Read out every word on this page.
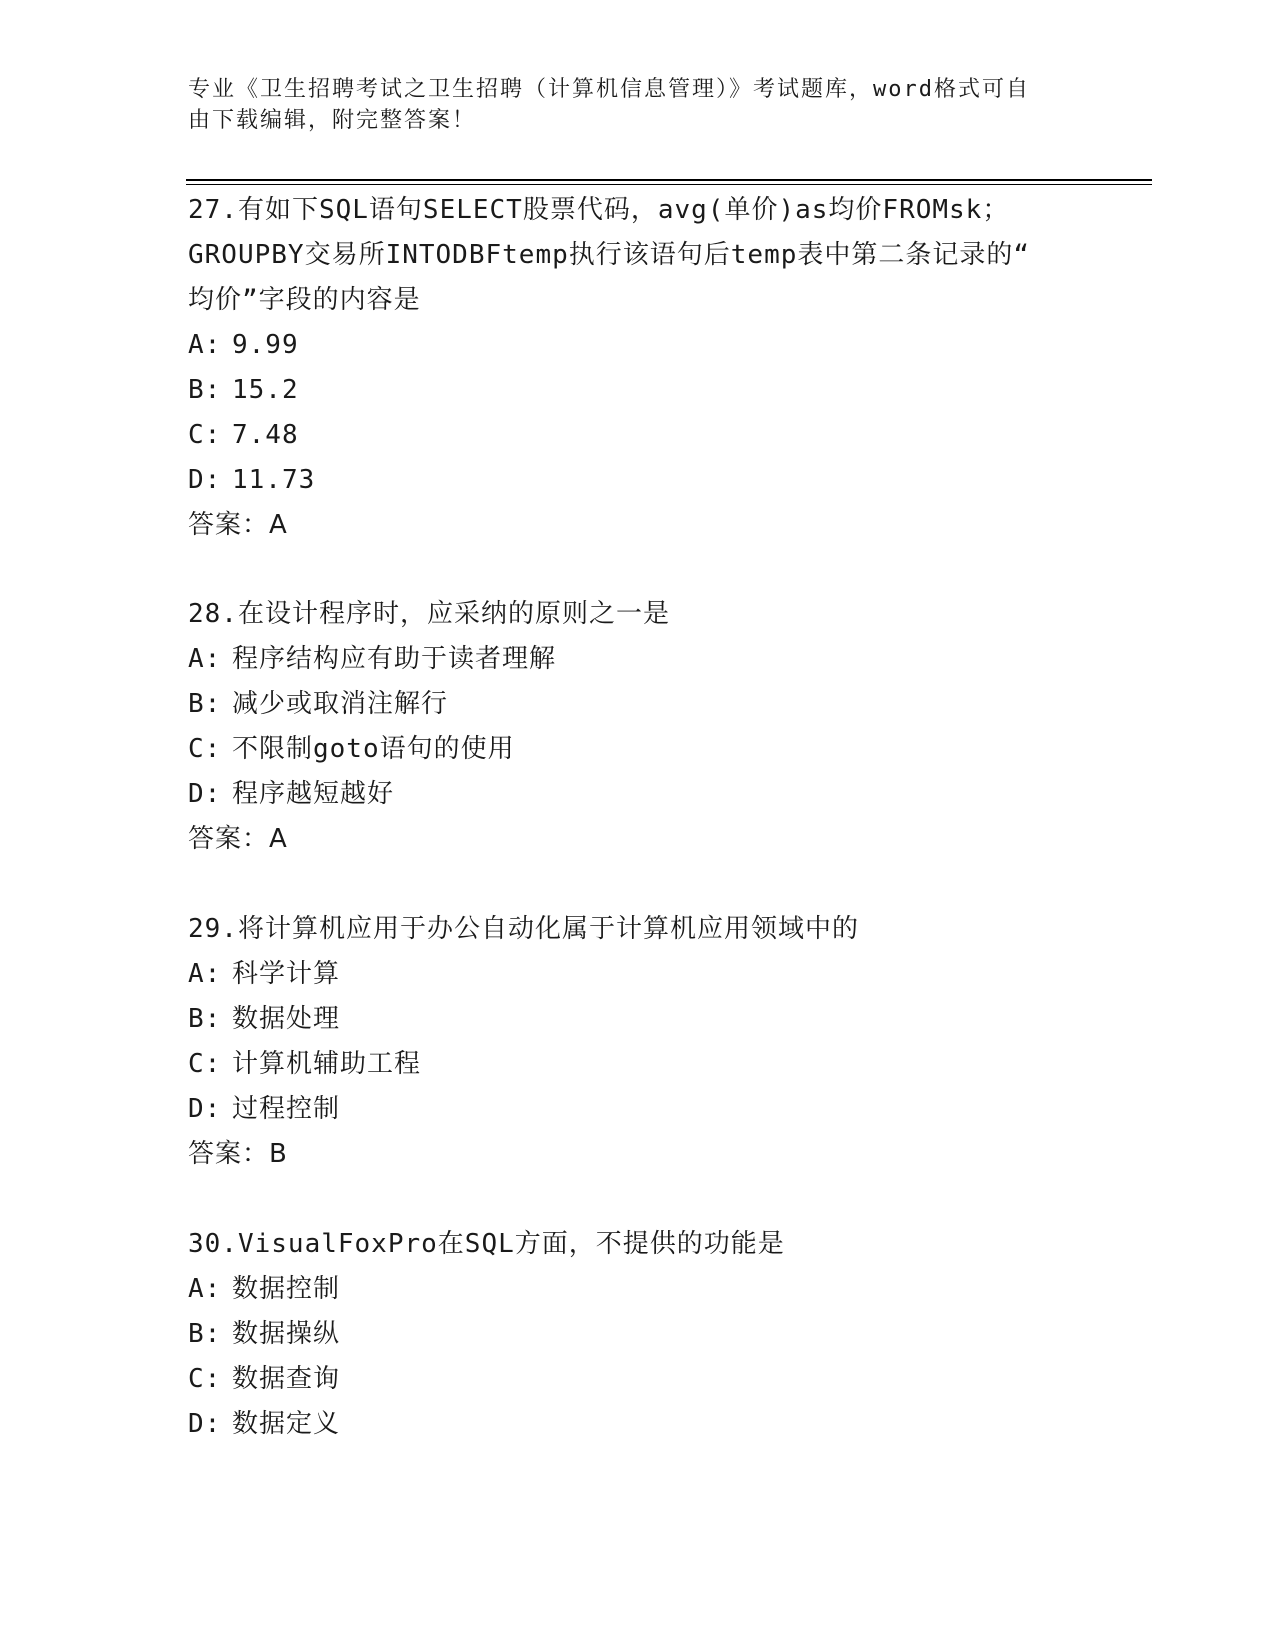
专业《卫生招聘考试之卫生招聘（计算机信息管理）》考试题库，word格式可自
由下载编辑，附完整答案！
27.有如下SQL语句SELECT股票代码，avg(单价)as均价FROMsk；
GROUPBY交易所INTODBFtemp执行该语句后temp表中第二条记录的“
均价”字段的内容是
A: 9.99
B: 15.2
C: 7.48
D: 11.73
答案：A
28.在设计程序时，应采纳的原则之一是
A: 程序结构应有助于读者理解
B: 减少或取消注解行
C: 不限制goto语句的使用
D: 程序越短越好
答案：A
29.将计算机应用于办公自动化属于计算机应用领域中的
A: 科学计算
B: 数据处理
C: 计算机辅助工程
D: 过程控制
答案：B
30.VisualFoxPro在SQL方面，不提供的功能是
A: 数据控制
B: 数据操纵
C: 数据查询
D: 数据定义
